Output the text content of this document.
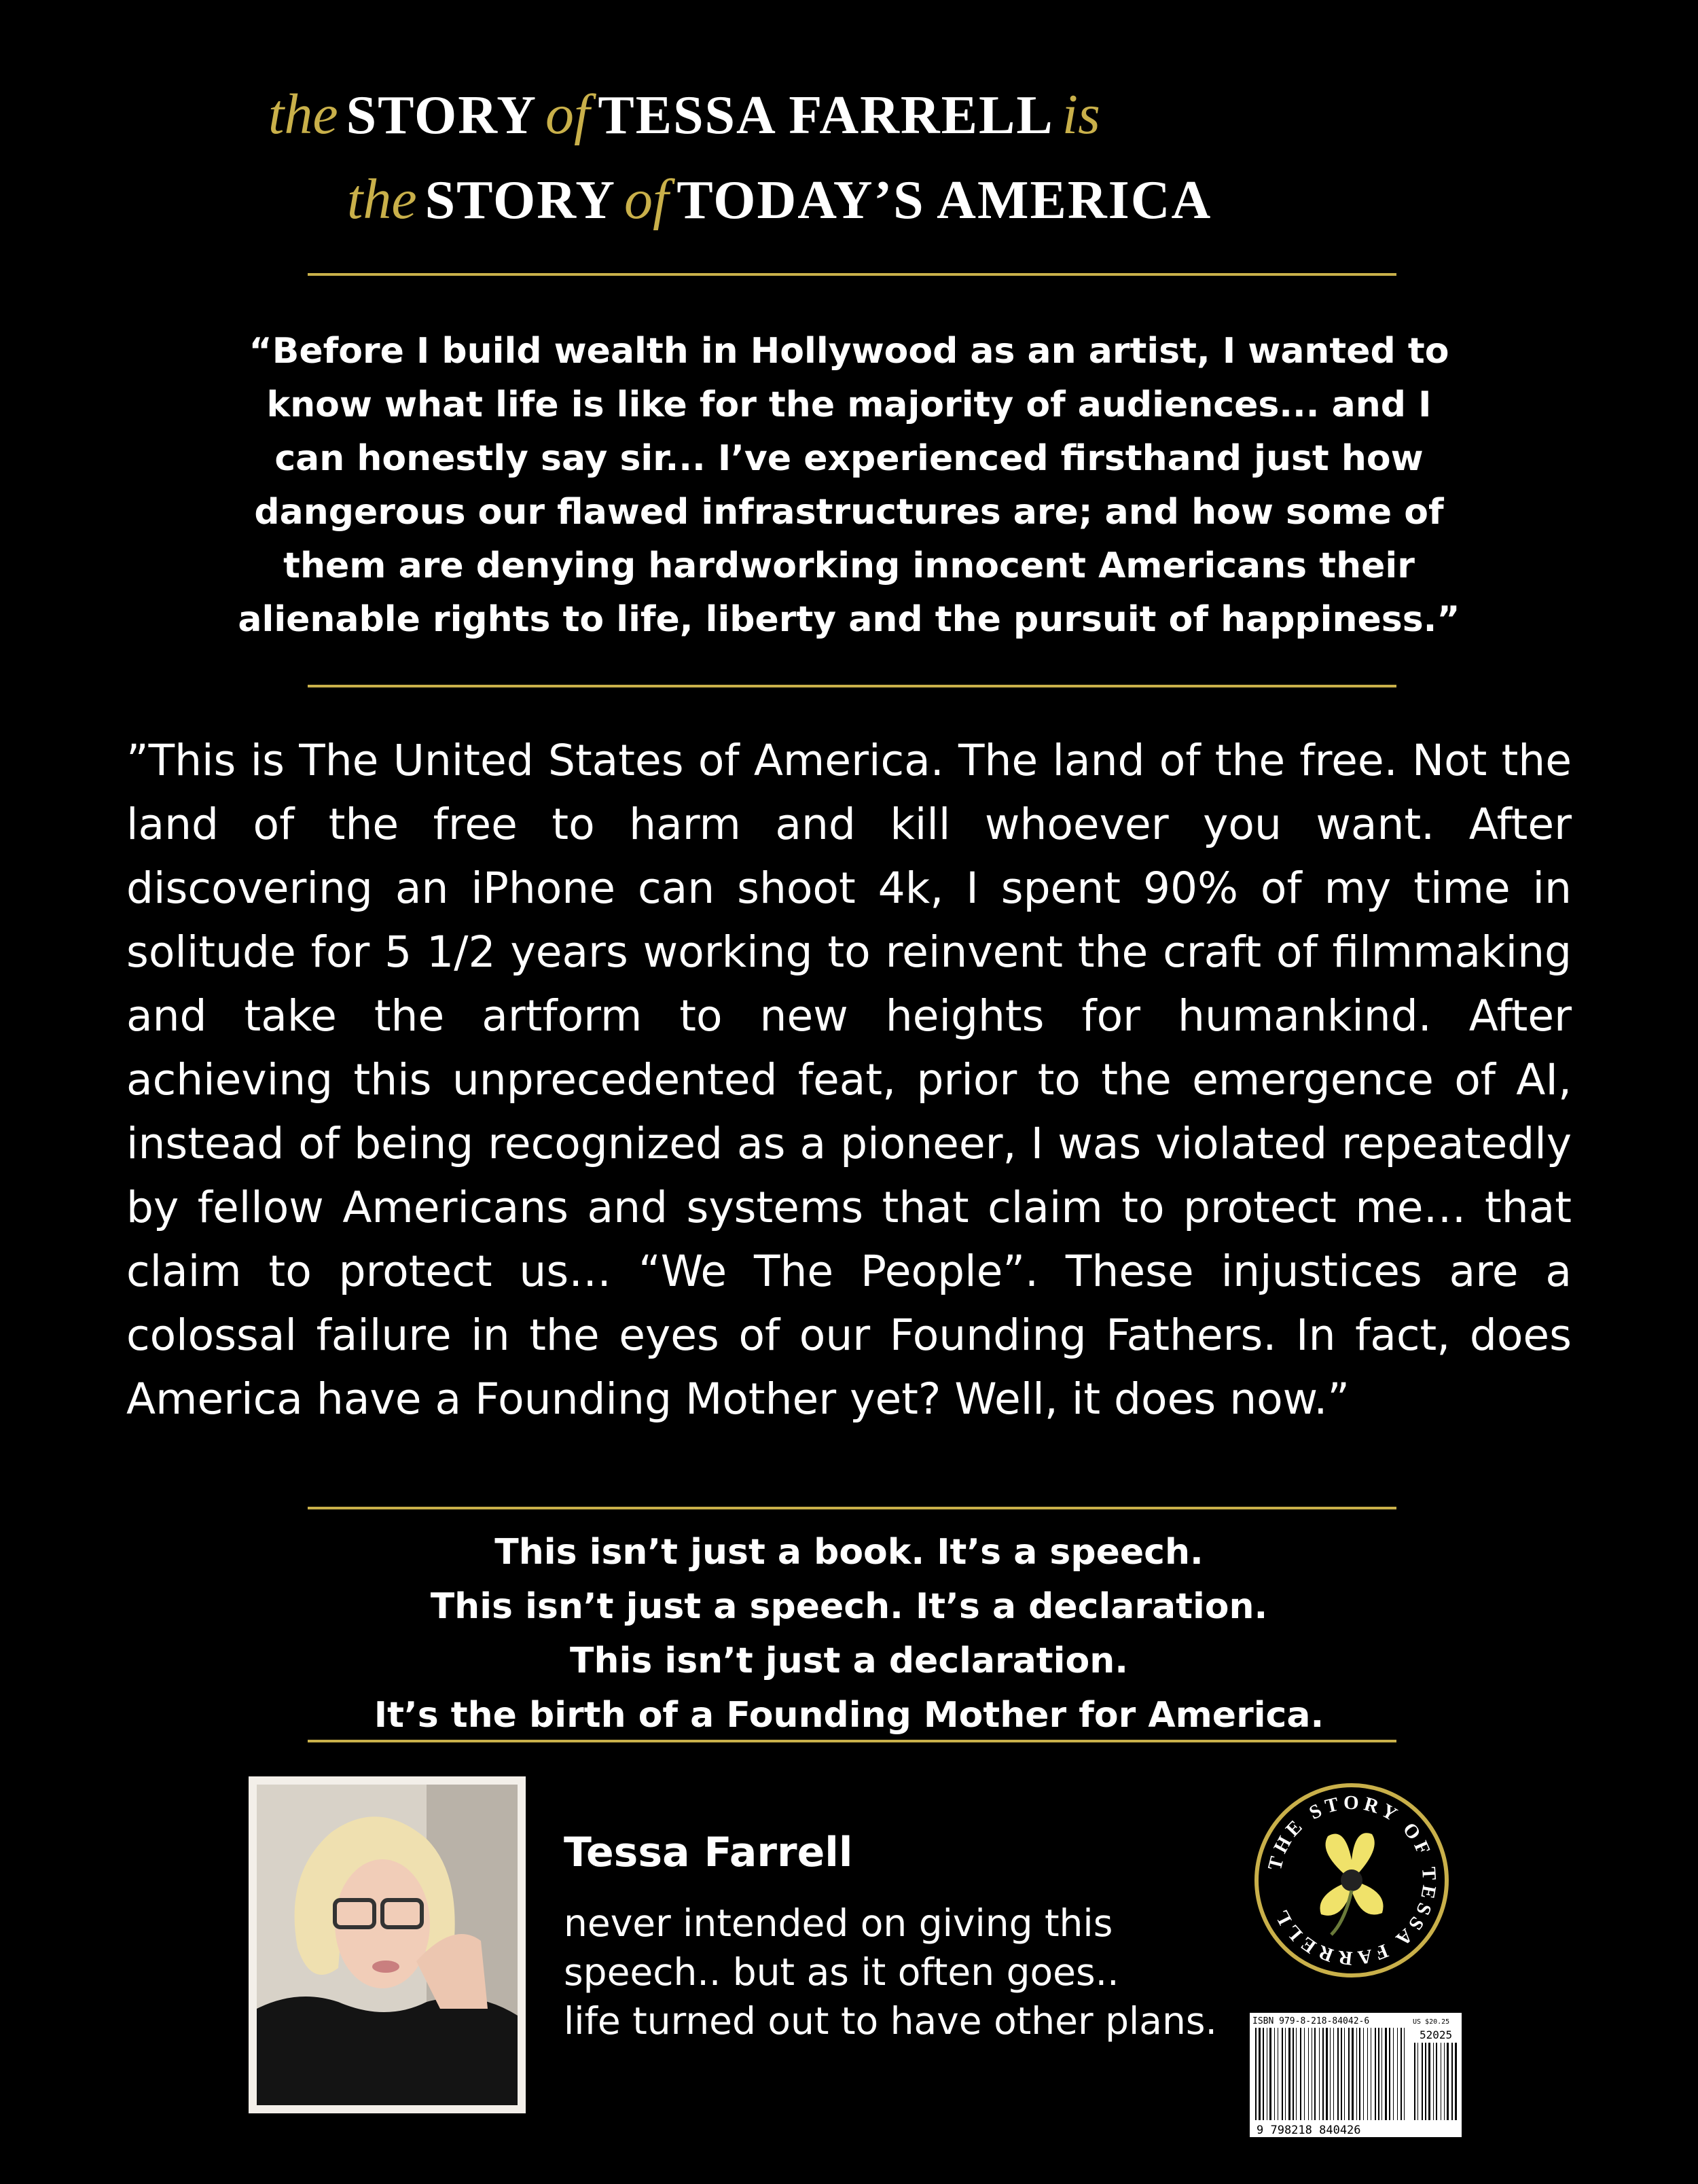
the STORY of TESSA FARRELL is
the STORY of TODAY’S AMERICA
“Before I build wealth in Hollywood as an artist, I wanted to
know what life is like for the majority of audiences... and I
can honestly say sir... I’ve experienced firsthand just how
dangerous our flawed infrastructures are; and how some of
them are denying hardworking innocent Americans their
alienable rights to life, liberty and the pursuit of happiness.”
”This is The United States of America. The land of the free. Not the land of the free to harm and kill whoever you want. After discovering an iPhone can shoot 4k, I spent 90% of my time in solitude for 5 1/2 years working to reinvent the craft of filmmaking and take the artform to new heights for humankind. After achieving this unprecedented feat, prior to the emergence of AI, instead of being recognized as a pioneer, I was violated repeatedly by fellow Americans and systems that claim to protect me… that claim to protect us… “We The People”. These injustices are a colossal failure in the eyes of our Founding Fathers. In fact, does America have a Founding Mother yet? Well, it does now.”
This isn’t just a book. It’s a speech.
This isn’t just a speech. It’s a declaration.
This isn’t just a declaration.
It’s the birth of a Founding Mother for America.
Tessa Farrell
never intended on giving this
speech.. but as it often goes..
life turned out to have other plans.
THE STORY OF TESSA FARRELL
ISBN 979-8-218-84042-6	US $20.25
52025
9 798218 840426
